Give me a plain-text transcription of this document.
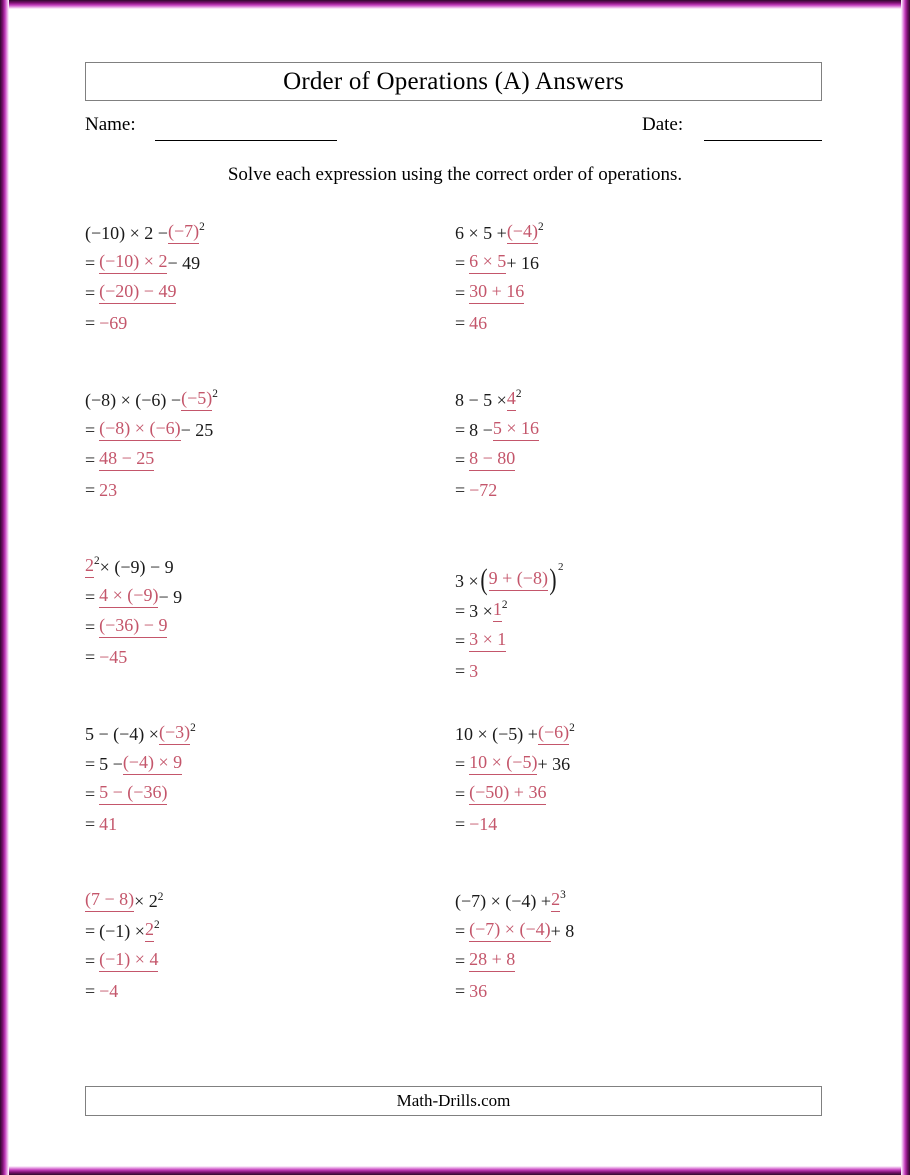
Order of Operations (A) Answers
Name:	Date:
Solve each expression using the correct order of operations.
(−10) × 2 − (−7)2
= (−10) × 2 − 49
= (−20) − 49
= −69
6 × 5 + (−4)2
= 6 × 5 + 16
= 30 + 16
= 46
(−8) × (−6) − (−5)2
= (−8) × (−6) − 25
= 48 − 25
= 23
8 − 5 × 42
= 8 − 5 × 16
= 8 − 80
= −72
22 × (−9) − 9
= 4 × (−9) − 9
= (−36) − 9
= −45
3 × ( 9 + (−8) ) 2
= 3 × 12
= 3 × 1
= 3
5 − (−4) × (−3)2
= 5 − (−4) × 9
= 5 − (−36)
= 41
10 × (−5) + (−6)2
= 10 × (−5) + 36
= (−50) + 36
= −14
$(7 - 8) \times 2^2$
= (−1) × 22
= (−1) × 4
= −4
(−7) × (−4) + 23
= (−7) × (−4) + 8
= 28 + 8
= 36
Math-Drills.com
